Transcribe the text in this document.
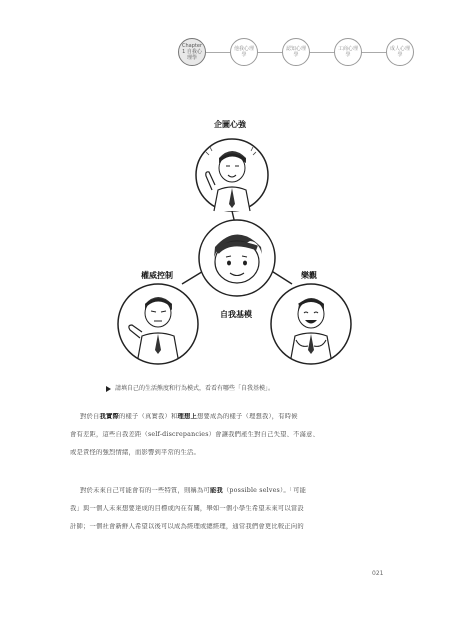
Chapter 1 自我心理學
他我心理學
認知心理學
工商心理學
成人心理學
企圖心強
自我基模
權威控制	樂觀
請填自己的生活熊度和行為模式，看看有哪些「自我基模」。
對於自我實際的樣子（真實我）和理想上想要成為的樣子（理想我），有時候
會有差距，這些自我差距（self-discrepancies）會讓我們產生對自己失望、不滿意、
或是責怪的強烈情緒，而影響到平常的生活。
對於未來自己可能會有的一些特質，則稱為可能我（possible selves）。「可能
我」與一個人未來想要達成的目標或內在有關，舉如一個小學生希望未來可以當設
計師；一個社會新鮮人希望以後可以成為經理或總經理，通常我們會更比較正向的
021
